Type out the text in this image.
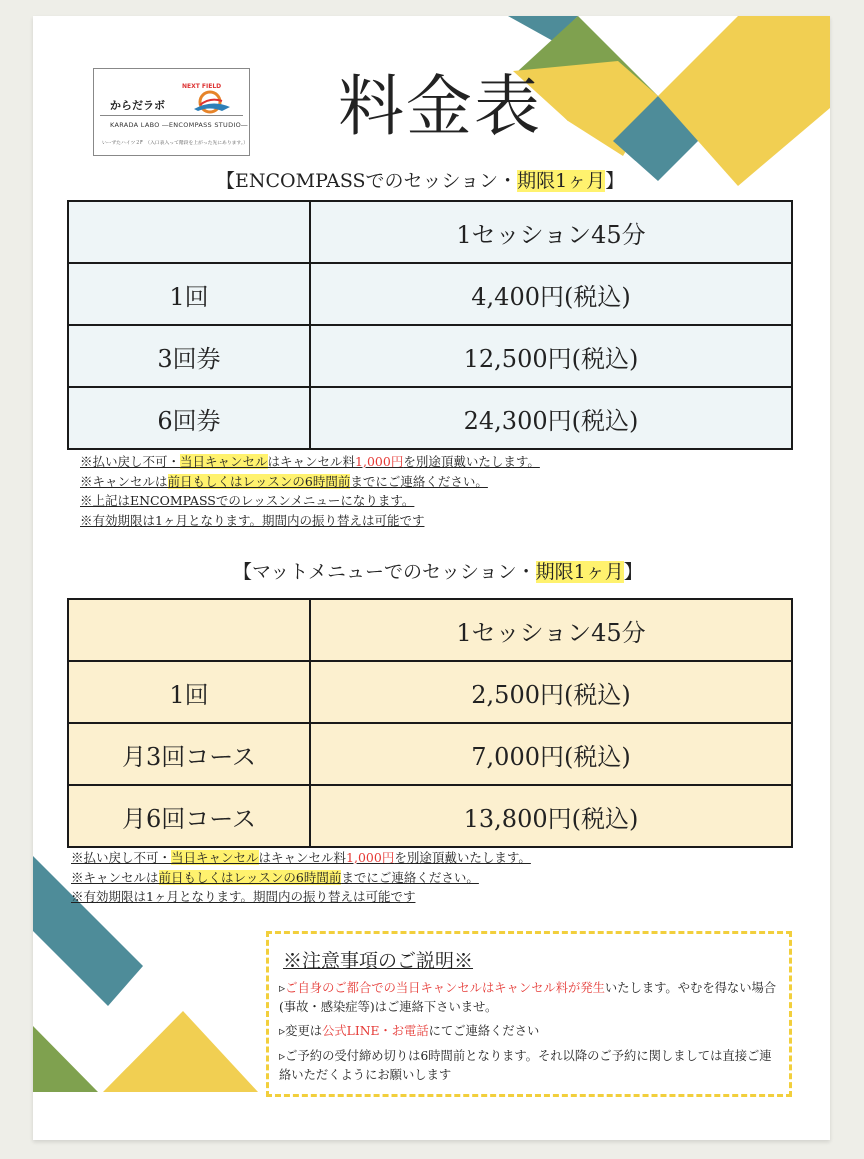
からだラボ
NEXT FIELD
KARADA LABO ―ENCOMPASS STUDIO―
いーずたハイツ２F　（入口表入って階段を上がった先にあります。） 料金表
【ENCOMPASSでのセッション・期限1ヶ月】
	1セッション45分
1回	4,400円(税込)
3回券	12,500円(税込)
6回券	24,300円(税込)
※払い戻し不可・当日キャンセルはキャンセル料1,000円を別途頂戴いたします。
※キャンセルは前日もしくはレッスンの6時間前までにご連絡ください。
※上記はENCOMPASSでのレッスンメニューになります。
※有効期限は1ヶ月となります。期間内の振り替えは可能です
【マットメニューでのセッション・期限1ヶ月】
	1セッション45分
1回	2,500円(税込)
月3回コース	7,000円(税込)
月6回コース	13,800円(税込)
※払い戻し不可・当日キャンセルはキャンセル料1,000円を別途頂戴いたします。
※キャンセルは前日もしくはレッスンの6時間前までにご連絡ください。
※有効期限は1ヶ月となります。期間内の振り替えは可能です
※注意事項のご説明※
▹ご自身のご都合での当日キャンセルはキャンセル料が発生いたします。やむを得ない場合(事故・感染症等)はご連絡下さいませ。
▹変更は公式LINE・お電話にてご連絡ください
▹ご予約の受付締め切りは6時間前となります。それ以降のご予約に関しましては直接ご連絡いただくようにお願いします
